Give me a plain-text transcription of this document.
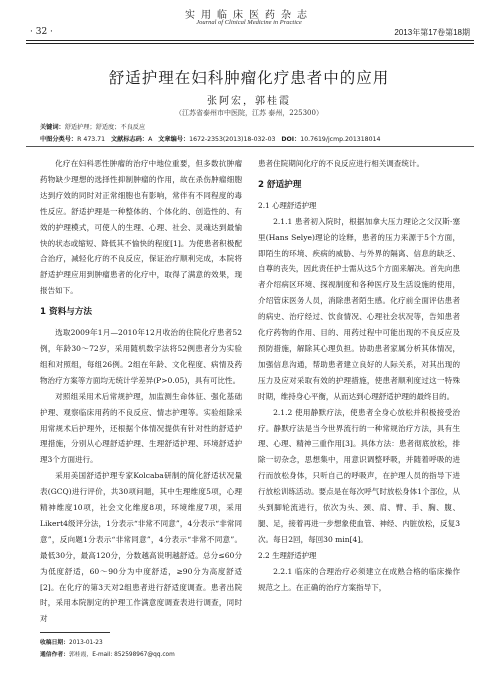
实用临床医药杂志
Journal of Clinical Medicine in Practice
· 32 ·	2013年第17卷第18期
舒适护理在妇科肿瘤化疗患者中的应用
张阿宏，郭桂霞
（江苏省泰州市中医院，江苏 泰州，225300）
关键词：舒适护理；舒适度；不良反应
中图分类号：R 473.71 文献标志码：A 文章编号：1672-2353(2013)18-032-03 DOI：10.7619/jcmp.201318014

化疗在妇科恶性肿瘤的治疗中地位重要，但多数抗肿瘤药物缺少理想的选择性抑制肿瘤的作用，故在杀伤肿瘤细胞达到疗效的同时对正常细胞也有影响，常伴有不同程度的毒性反应。舒适护理是一种整体的、个体化的、创造性的、有效的护理模式，可使人的生理、心理、社会、灵魂达到最愉快的状态或缩短、降低其不愉快的程度[1]。为使患者积极配合治疗，减轻化疗的不良反应，保证治疗顺利完成，本院将舒适护理应用到肿瘤患者的化疗中，取得了满意的效果，现报告如下。

1 资料与方法

选取2009年1月—2010年12月收治的住院化疗患者52例，年龄30～72岁，采用随机数字法将52例患者分为实验组和对照组，每组26例。2组在年龄、文化程度、病情及药物治疗方案等方面均无统计学差异(P>0.05)，具有可比性。

对照组采用术后常规护理，加监测生命体征、强化基础护理、观察临床用药的不良反应、情志护理等。实验组除采用常规术后护理外，还根据个体情况提供有针对性的舒适护理措施，分别从心理舒适护理、生理舒适护理、环境舒适护理3个方面进行。

采用美国舒适护理专家Kolcaba研制的简化舒适状况量表(GCQ)进行评价，共30项问题，其中生理维度5项，心理精神维度10项，社会文化维度8项，环境维度7项，采用Likert4级评分法，1分表示“非常不同意”，4分表示“非常同意”，反向题1分表示“非常同意”，4分表示“非常不同意”。最低30分，最高120分，分数越高说明越舒适。总分≤60分为低度舒适，60～90分为中度舒适，≥90分为高度舒适[2]。在化疗的第3天对2组患者进行舒适度调查。患者出院时，采用本院制定的护理工作满意度调查表进行调查，同时对

患者住院期间化疗的不良反应进行相关调查统计。

2 舒适护理
2.1 心理舒适护理

2.1.1 患者初入院时，根据加拿大压力理论之父汉斯·塞里(Hans Selye)理论的诠释，患者的压力来源于5个方面，即陌生的环境、疾病的威胁、与外界的隔离、信息的缺乏、自尊的丧失，因此责任护士需从这5个方面来解决。首先向患者介绍病区环境、探视制度和各种医疗及生活设施的使用，介绍管床医务人员，消除患者陌生感。化疗前全面评估患者的病史、治疗经过、饮食情况、心理社会状况等，告知患者化疗药物的作用、目的、用药过程中可能出现的不良反应及预防措施，解除其心理负担。协助患者家属分析其体情况，加强信息沟通，帮助患者建立良好的人际关系，对其出现的压力及应对采取有效的护理措施，使患者顺利度过这一特殊时期，维持身心平衡，从而达到心理舒适护理的最终目的。

2.1.2 使用静默疗法，使患者全身心放松并积极接受治疗。静默疗法是当今世界流行的一种常规治疗方法，具有生理、心理、精神三重作用[3]。具体方法：患者彻底放松，排除一切杂念，思想集中，用意识调整呼吸，并随着呼吸的进行而放松身体，只听自己的呼吸声，在护理人员的指导下进行放松训练活动。要点是在每次呼气时放松身体1个部位，从头到脚轮流进行，依次为头、颈、肩、臂、手、胸、腹、腿、足，接着再进一步想象使血管、神经、内脏放松，反复3次。每日2回，每回30 min[4]。

2.2 生理舒适护理

2.2.1 临床的合理治疗必须建立在成熟合格的临床操作规范之上。在正确的治疗方案指导下，

收稿日期：2013-01-23
通信作者：郭桂霞，E-mail: 852598967@qq.com
